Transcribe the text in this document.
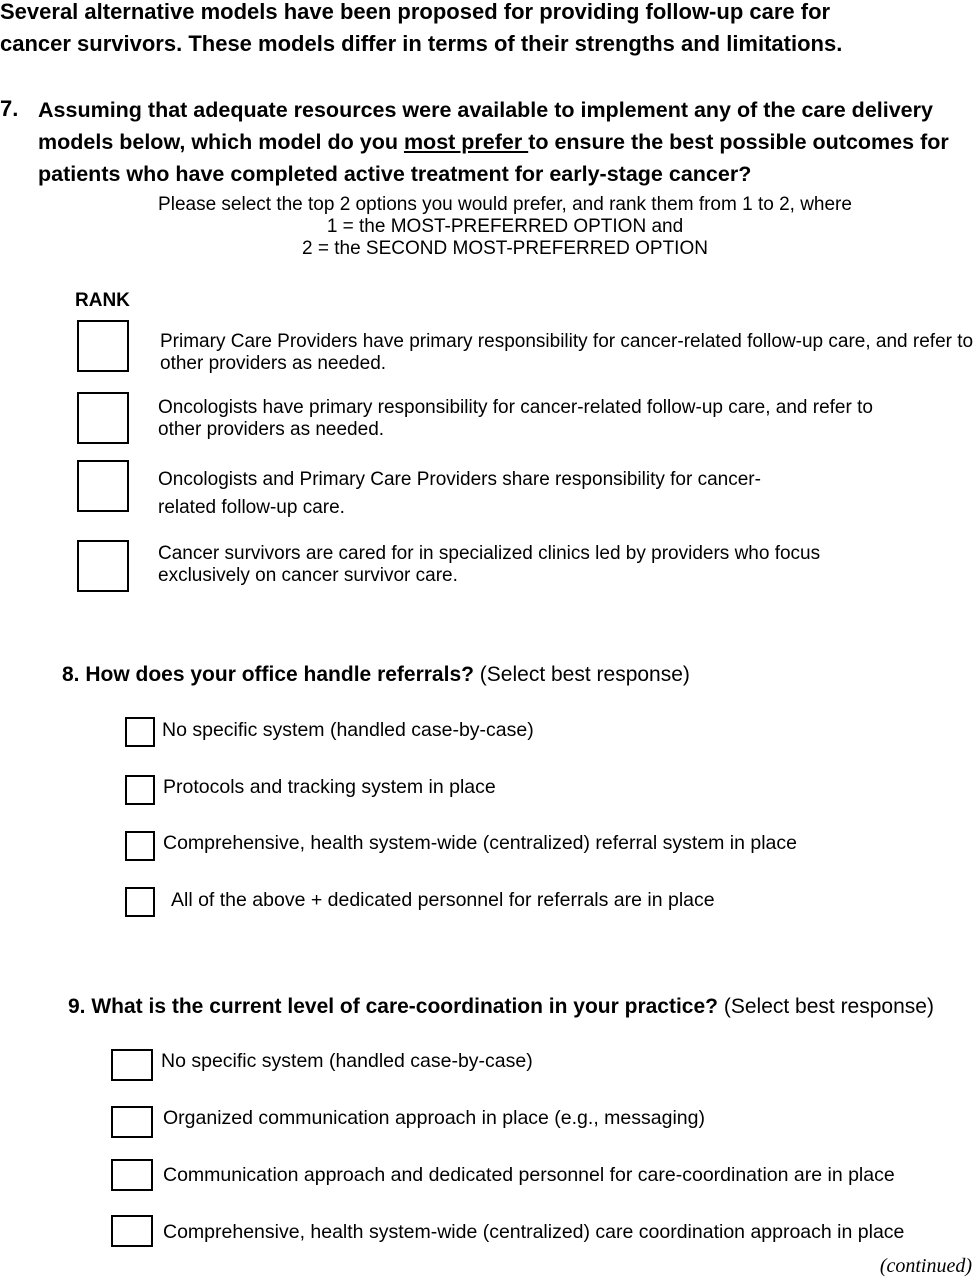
Several alternative models have been proposed for providing follow-up care for
cancer survivors. These models differ in terms of their strengths and limitations.
7. Assuming that adequate resources were available to implement any of the care delivery
models below, which model do you most prefer to ensure the best possible outcomes for
patients who have completed active treatment for early-stage cancer?
Please select the top 2 options you would prefer, and rank them from 1 to 2, where
1 = the MOST-PREFERRED OPTION and
2 = the SECOND MOST-PREFERRED OPTION
RANK
Primary Care Providers have primary responsibility for cancer-related follow-up care, and refer to other providers as needed.
Oncologists have primary responsibility for cancer-related follow-up care, and refer to other providers as needed.
Oncologists and Primary Care Providers share responsibility for cancer-related follow-up care.
Cancer survivors are cared for in specialized clinics led by providers who focus exclusively on cancer survivor care.
8. How does your office handle referrals? (Select best response)
No specific system (handled case-by-case)
Protocols and tracking system in place
Comprehensive, health system-wide (centralized) referral system in place
All of the above + dedicated personnel for referrals are in place
9. What is the current level of care-coordination in your practice? (Select best response)
No specific system (handled case-by-case)
Organized communication approach in place (e.g., messaging)
Communication approach and dedicated personnel for care-coordination are in place
Comprehensive, health system-wide (centralized) care coordination approach in place
(continued)
